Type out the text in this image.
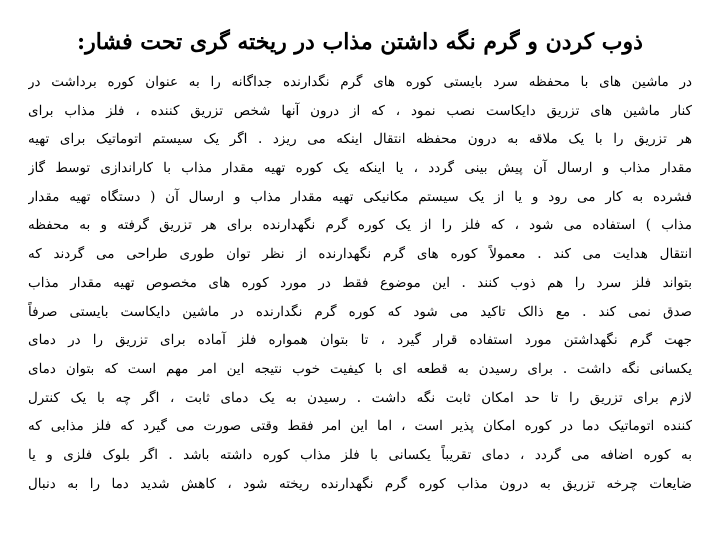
ذوب کردن و گرم نگه داشتن مذاب در ریخته گری تحت فشار:
در ماشین های با محفظه سرد بایستی کوره های گرم نگدارنده جداگانه را به عنوان کوره برداشت در
کنار ماشین های تزریق دایکاست نصب نمود ، که از درون آنها شخص تزریق کننده ، فلز مذاب برای
هر تزریق را با یک ملاقه به درون محفظه انتقال اینکه می ریزد . اگر یک سیستم اتوماتیک برای تهیه
مقدار مذاب و ارسال آن پیش بینی گردد ، یا اینکه یک کوره تهیه مقدار مذاب با کاراندازی توسط گاز
فشرده به کار می رود و یا از یک سیستم مکانیکی تهیه مقدار مذاب و ارسال آن ( دستگاه تهیه مقدار
مذاب ) استفاده می شود ، که فلز را از یک کوره گرم نگهدارنده برای هر تزریق گرفته و به محفظه
انتقال هدایت می کند . معمولاً کوره های گرم نگهدارنده از نظر توان طوری طراحی می گردند که
بتواند فلز سرد را هم ذوب کنند . این موضوع فقط در مورد کوره های مخصوص تهیه مقدار مذاب
صدق نمی کند . مع ذالک تاکید می شود که کوره گرم نگدارنده در ماشین دایکاست بایستی صرفاً
جهت گرم نگهداشتن مورد استفاده قرار گیرد ، تا بتوان همواره فلز آماده برای تزریق را در دمای
یکسانی نگه داشت . برای رسیدن به قطعه ای با کیفیت خوب نتیجه این امر مهم است که بتوان دمای
لازم برای تزریق را تا حد امکان ثابت نگه داشت . رسیدن به یک دمای ثابت ، اگر چه با یک کنترل
کننده اتوماتیک دما در کوره امکان پذیر است ، اما این امر فقط وقتی صورت می گیرد که فلز مذابی که
به کوره اضافه می گردد ، دمای تقریباً یکسانی با فلز مذاب کوره داشته باشد . اگر بلوک فلزی و یا
ضایعات چرخه تزریق به درون مذاب کوره گرم نگهدارنده ریخته شود ، کاهش شدید دما را به دنبال
